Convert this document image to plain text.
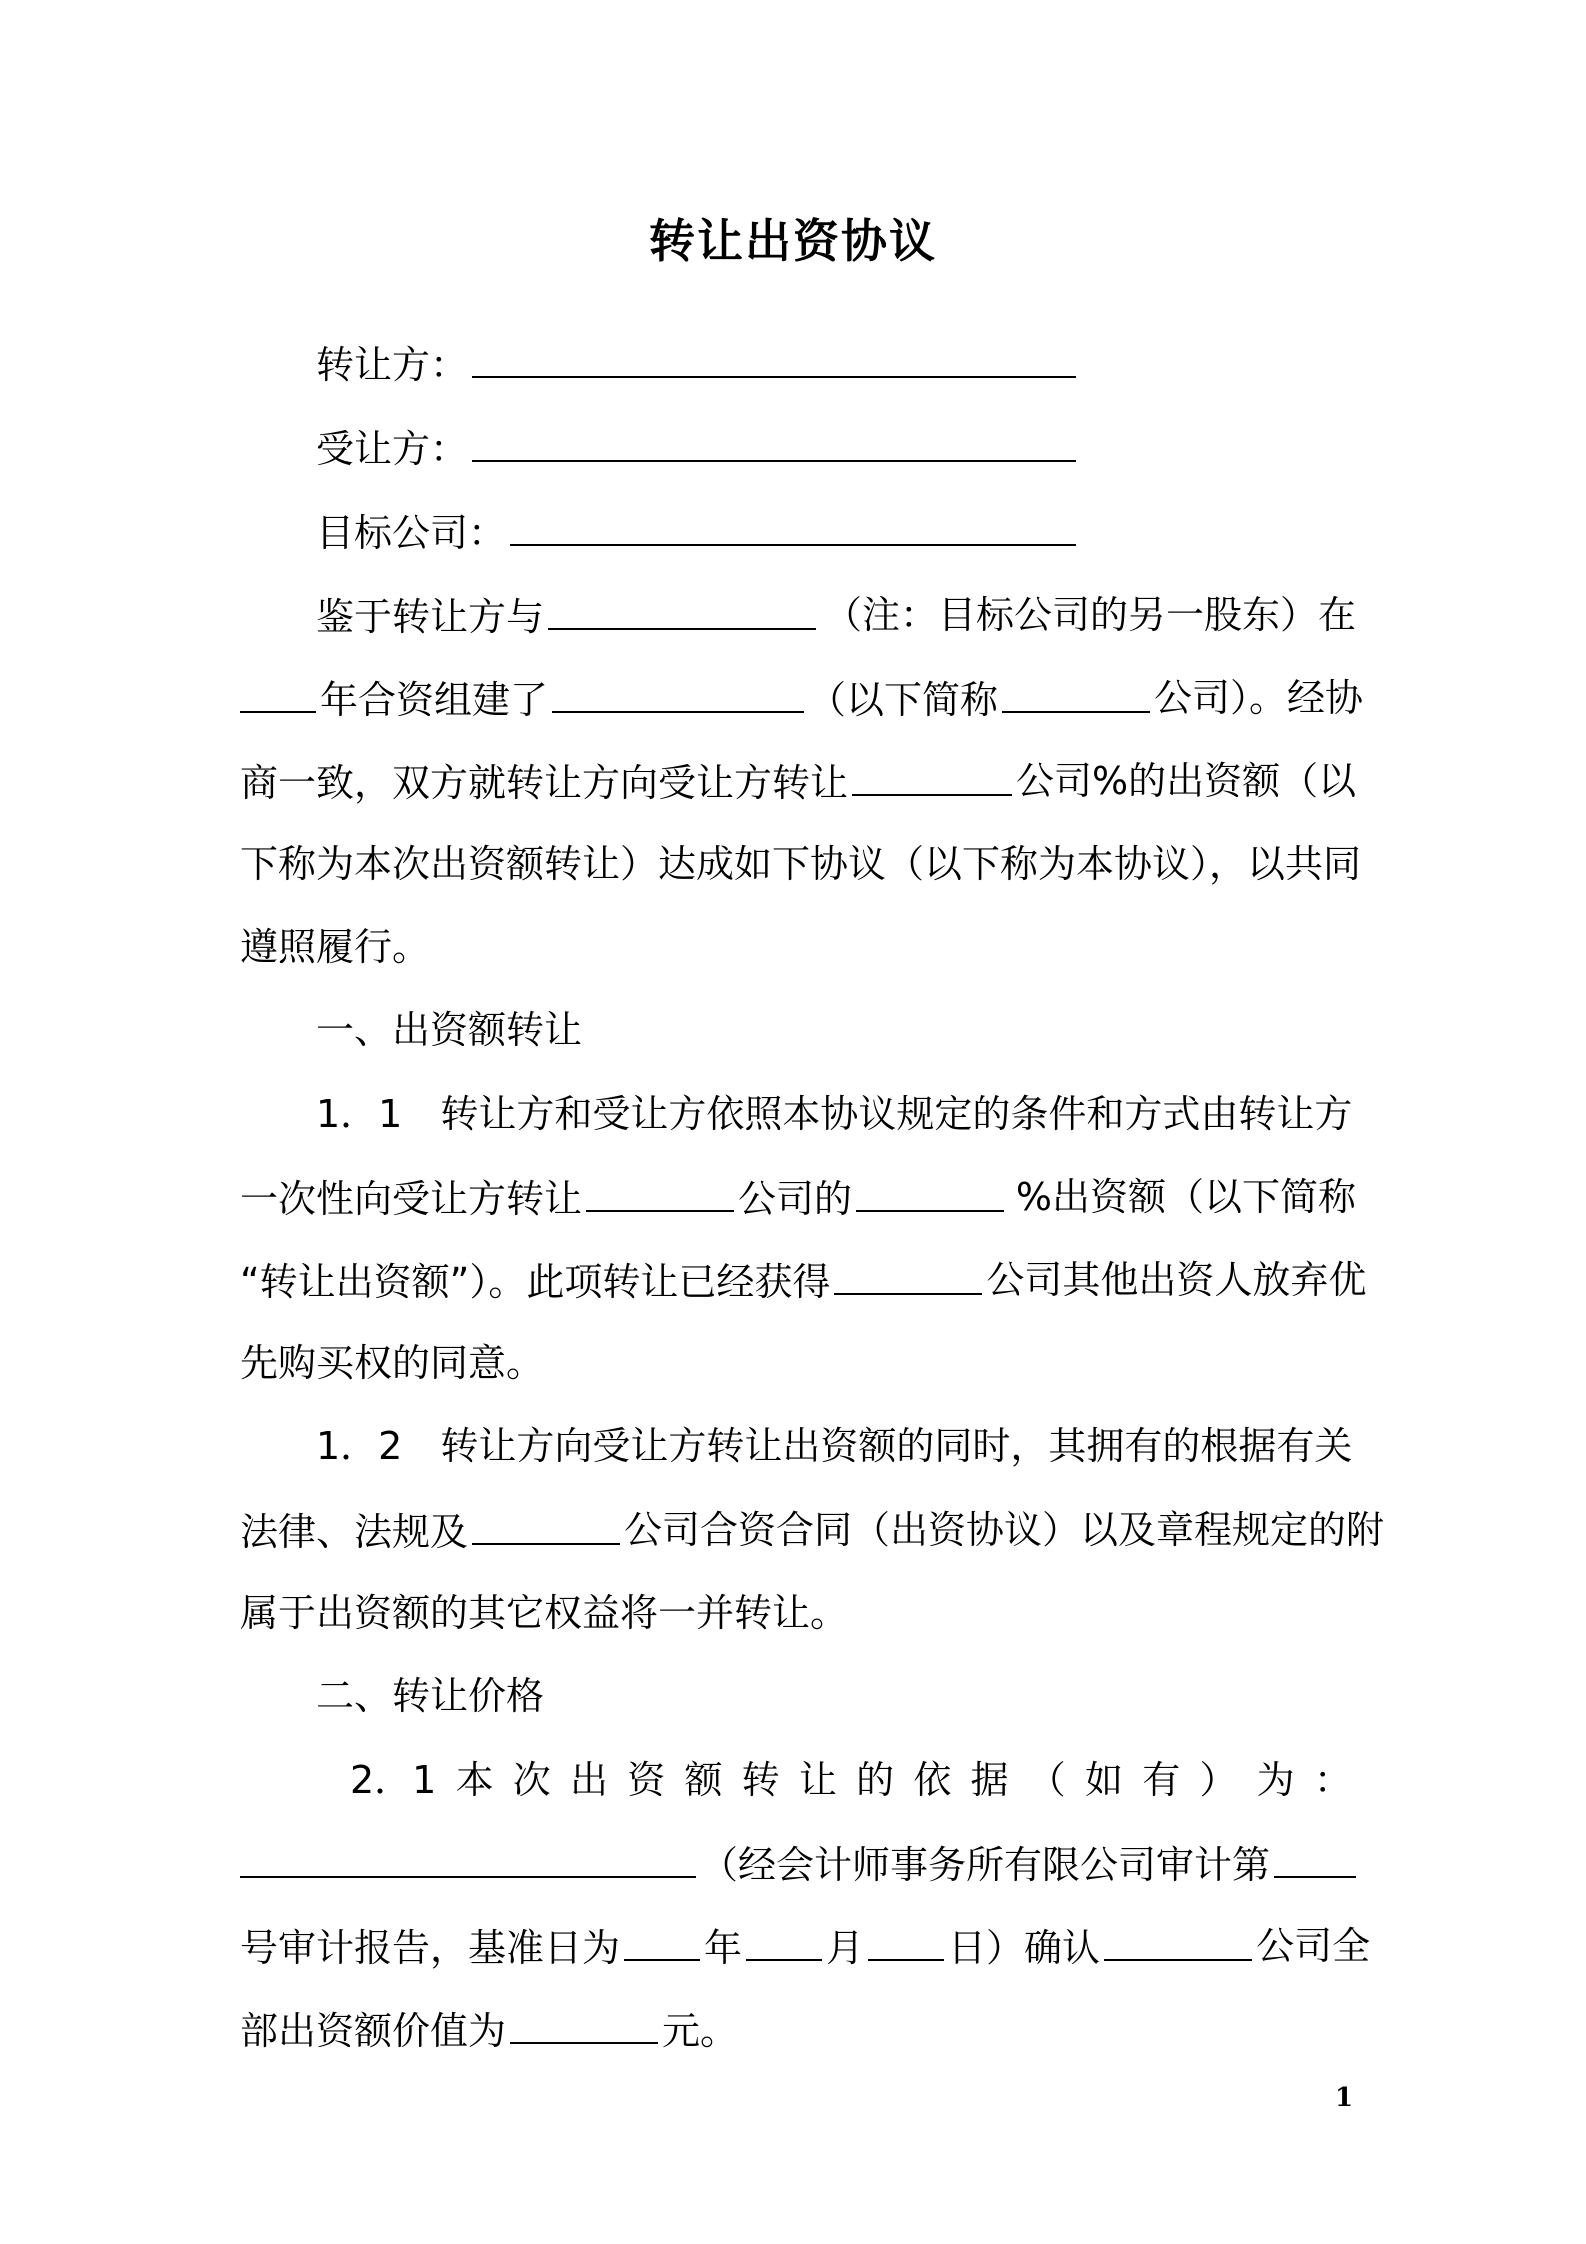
转让出资协议
转让方：
受让方：
目标公司：
鉴于转让方与	（注：目标公司的另一股东）在
年合资组建了	（以下简称	公司）。经协
商一致，双方就转让方向受让方转让	公司%的出资额（以
下称为本次出资额转让）达成如下协议（以下称为本协议），以共同
遵照履行。
一、出资额转让
1．1　转让方和受让方依照本协议规定的条件和方式由转让方
一次性向受让方转让	公司的	%出资额（以下简称
“转让出资额”）。此项转让已经获得	公司其他出资人放弃优
先购买权的同意。
1．2　转让方向受让方转让出资额的同时，其拥有的根据有关
法律、法规及	公司合资合同（出资协议）以及章程规定的附
属于出资额的其它权益将一并转让。
二、转让价格
2．1 本 次 出 资 额 转 让 的 依 据 （ 如 有 ） 为 ：
（经会计师事务所有限公司审计第
号审计报告，基准日为 年 月 日）确认	公司全
部出资额价值为	元。
1
